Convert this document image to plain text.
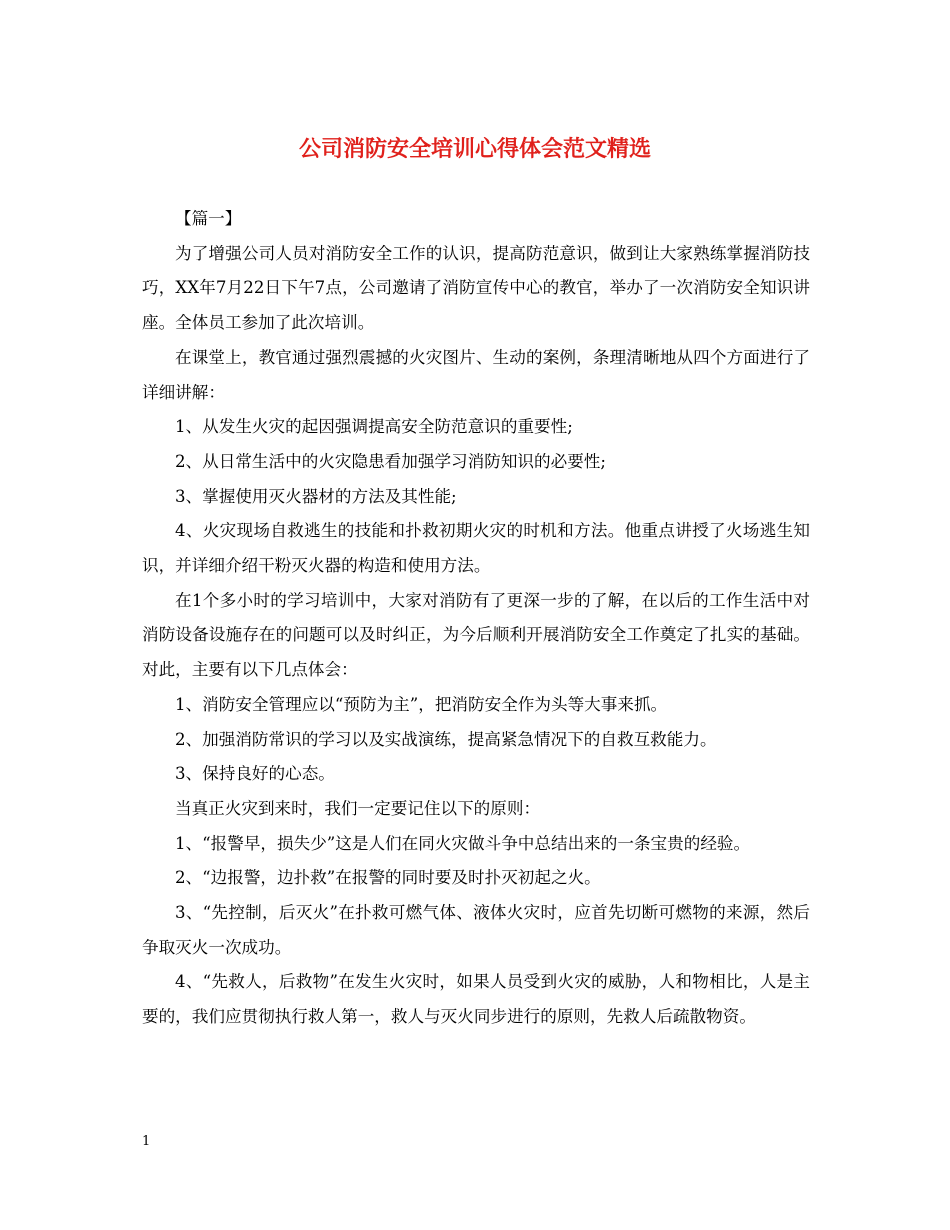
公司消防安全培训心得体会范文精选

【篇一】

为了增强公司人员对消防安全工作的认识，提高防范意识，做到让大家熟练掌握消防技巧，XX年7月22日下午7点，公司邀请了消防宣传中心的教官，举办了一次消防安全知识讲座。全体员工参加了此次培训。

在课堂上，教官通过强烈震撼的火灾图片、生动的案例，条理清晰地从四个方面进行了详细讲解：

1、从发生火灾的起因强调提高安全防范意识的重要性;

2、从日常生活中的火灾隐患看加强学习消防知识的必要性;

3、掌握使用灭火器材的方法及其性能;

4、火灾现场自救逃生的技能和扑救初期火灾的时机和方法。他重点讲授了火场逃生知识，并详细介绍干粉灭火器的构造和使用方法。

在1个多小时的学习培训中，大家对消防有了更深一步的了解，在以后的工作生活中对消防设备设施存在的问题可以及时纠正，为今后顺利开展消防安全工作奠定了扎实的基础。对此，主要有以下几点体会：

1、消防安全管理应以“预防为主”，把消防安全作为头等大事来抓。

2、加强消防常识的学习以及实战演练，提高紧急情况下的自救互救能力。

3、保持良好的心态。

当真正火灾到来时，我们一定要记住以下的原则：

1、“报警早，损失少”这是人们在同火灾做斗争中总结出来的一条宝贵的经验。

2、“边报警，边扑救”在报警的同时要及时扑灭初起之火。

3、“先控制，后灭火”在扑救可燃气体、液体火灾时，应首先切断可燃物的来源，然后争取灭火一次成功。

4、“先救人，后救物”在发生火灾时，如果人员受到火灾的威胁，人和物相比，人是主要的，我们应贯彻执行救人第一，救人与灭火同步进行的原则，先救人后疏散物资。

1
